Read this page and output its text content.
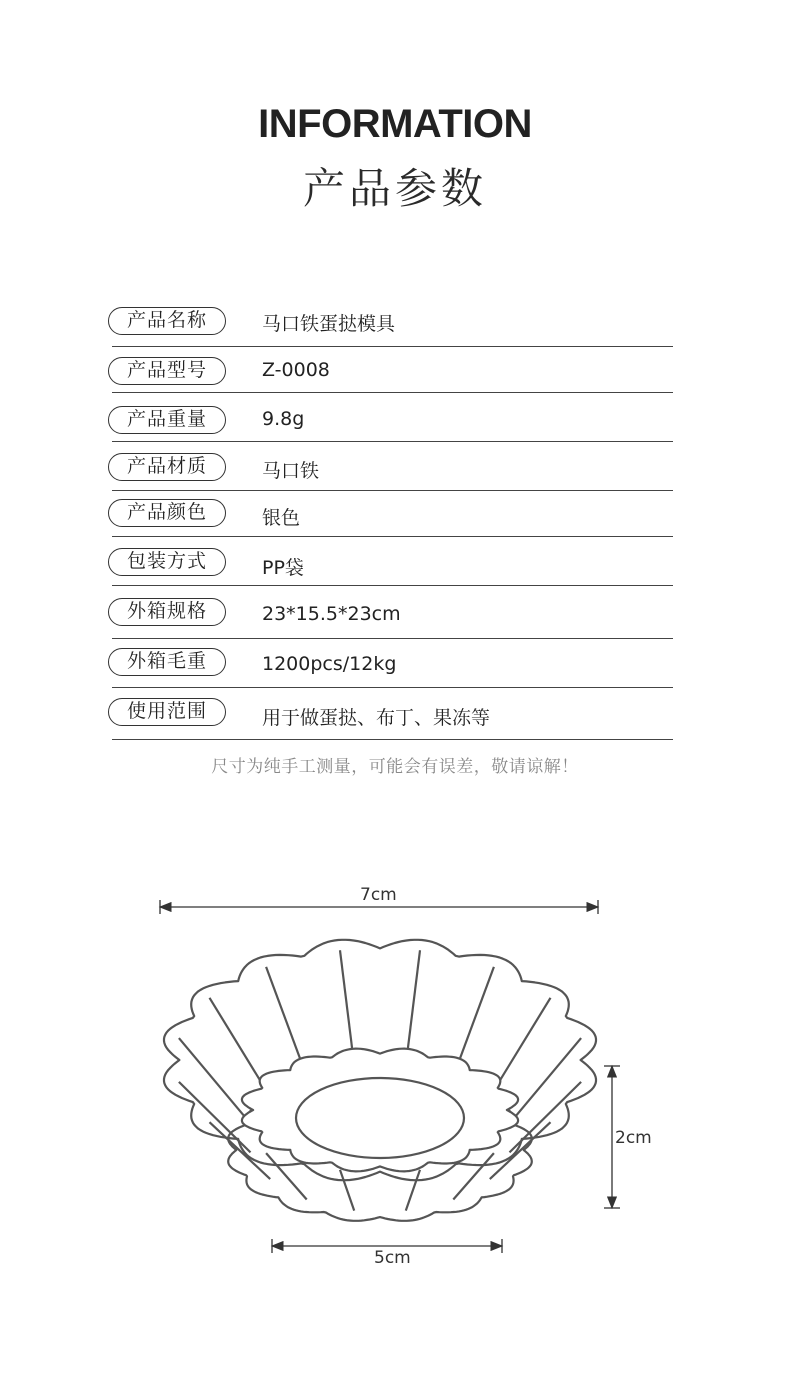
INFORMATION
产品参数
产品名称	马口铁蛋挞模具
产品型号	Z-0008
产品重量	9.8g
产品材质	马口铁
产品颜色	银色
包装方式	PP袋
外箱规格	23*15.5*23cm
外箱毛重	1200pcs/12kg
使用范围	用于做蛋挞、布丁、果冻等
尺寸为纯手工测量，可能会有误差，敬请谅解！
7cm
2cm
5cm
